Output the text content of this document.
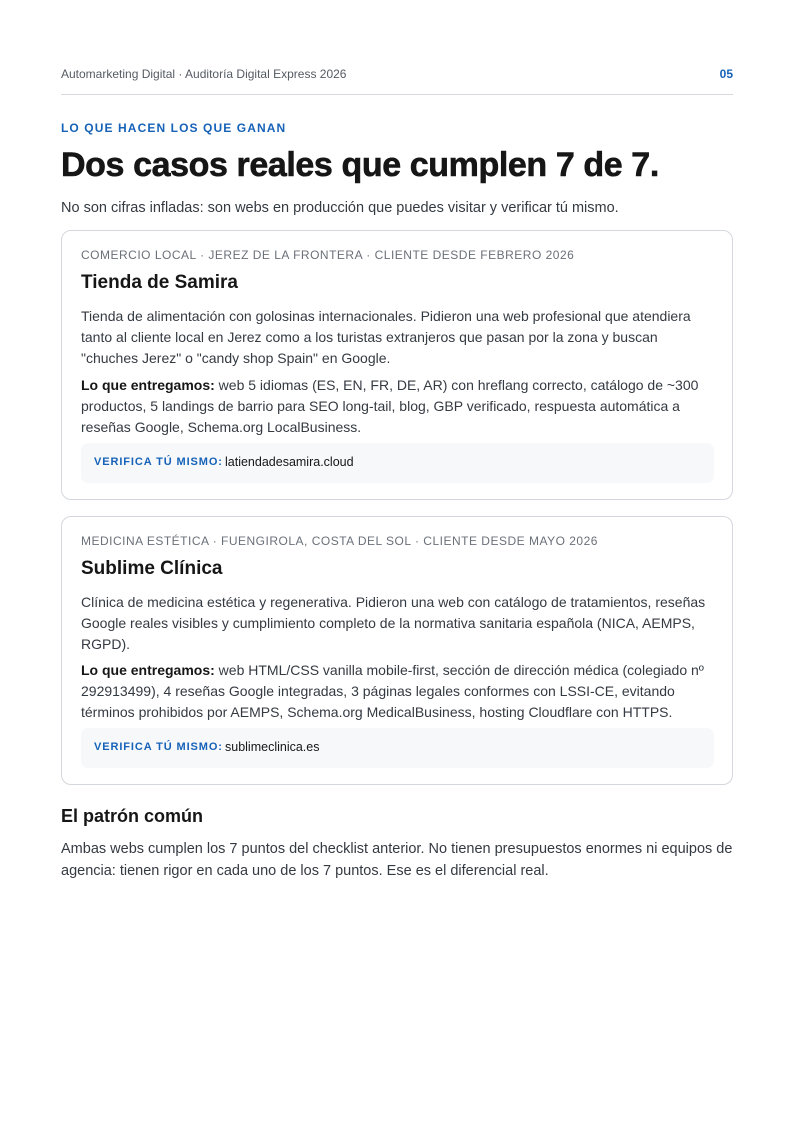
Automarketing Digital · Auditoría Digital Express 2026	05
LO QUE HACEN LOS QUE GANAN
Dos casos reales que cumplen 7 de 7.

No son cifras infladas: son webs en producción que puedes visitar y verificar tú mismo.

COMERCIO LOCAL · JEREZ DE LA FRONTERA · CLIENTE DESDE FEBRERO 2026
Tienda de Samira

Tienda de alimentación con golosinas internacionales. Pidieron una web profesional que atendiera tanto al cliente local en Jerez como a los turistas extranjeros que pasan por la zona y buscan "chuches Jerez" o "candy shop Spain" en Google.

Lo que entregamos: web 5 idiomas (ES, EN, FR, DE, AR) con hreflang correcto, catálogo de ~300 productos, 5 landings de barrio para SEO long-tail, blog, GBP verificado, respuesta automática a reseñas Google, Schema.org LocalBusiness.

VERIFICA TÚ MISMO: latiendadesamira.cloud
MEDICINA ESTÉTICA · FUENGIROLA, COSTA DEL SOL · CLIENTE DESDE MAYO 2026
Sublime Clínica

Clínica de medicina estética y regenerativa. Pidieron una web con catálogo de tratamientos, reseñas Google reales visibles y cumplimiento completo de la normativa sanitaria española (NICA, AEMPS, RGPD).

Lo que entregamos: web HTML/CSS vanilla mobile-first, sección de dirección médica (colegiado nº 292913499), 4 reseñas Google integradas, 3 páginas legales conformes con LSSI-CE, evitando términos prohibidos por AEMPS, Schema.org MedicalBusiness, hosting Cloudflare con HTTPS.

VERIFICA TÚ MISMO: sublimeclinica.es
El patrón común

Ambas webs cumplen los 7 puntos del checklist anterior. No tienen presupuestos enormes ni equipos de agencia: tienen rigor en cada uno de los 7 puntos. Ese es el diferencial real.
